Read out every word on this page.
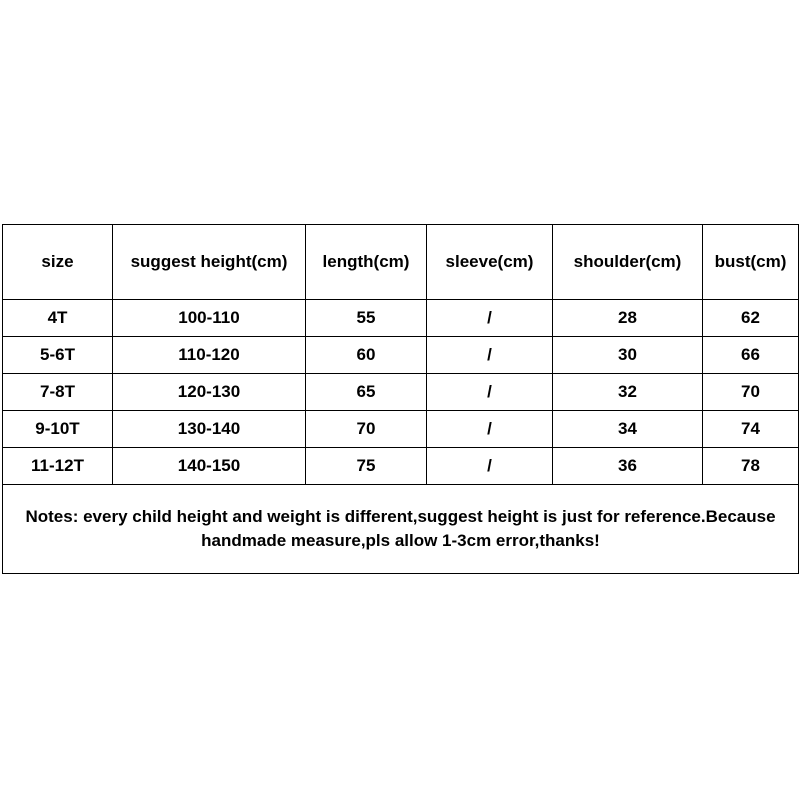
size	suggest height(cm)	length(cm)	sleeve(cm)	shoulder(cm)	bust(cm)
4T	100-110	55	/	28	62
5-6T	110-120	60	/	30	66
7-8T	120-130	65	/	32	70
9-10T	130-140	70	/	34	74
11-12T	140-150	75	/	36	78
Notes: every child height and weight is different,suggest height is just for reference.Because handmade measure,pls allow 1-3cm error,thanks!					
